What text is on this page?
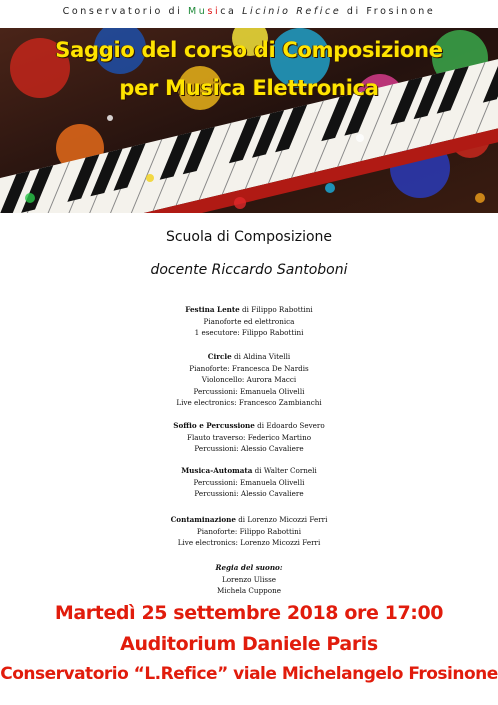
Conservatorio di Musica Licinio Refice di Frosinone
Saggio del corso di Composizione
per Musica Elettronica
Scuola di Composizione
docente Riccardo Santoboni
Festina Lente di Filippo Rabottini
Pianoforte ed elettronica
1 esecutore: Filippo Rabottini
Circle di Aldina Vitelli
Pianoforte: Francesca De Nardis
Violoncello: Aurora Macci
Percussioni: Emanuela Olivelli
Live electronics: Francesco Zambianchi
Soffio e Percussione di Edoardo Severo
Flauto traverso: Federico Martino
Percussioni: Alessio Cavaliere
Musica-Automata di Walter Corneli
Percussioni: Emanuela Olivelli
Percussioni: Alessio Cavaliere
Contaminazione di Lorenzo Micozzi Ferri
Pianoforte: Filippo Rabottini
Live electronics: Lorenzo Micozzi Ferri
Regia del suono:
Lorenzo Ulisse
Michela Cuppone
Martedì 25 settembre 2018 ore 17:00
Auditorium Daniele Paris
Conservatorio “L.Refice” viale Michelangelo Frosinone
